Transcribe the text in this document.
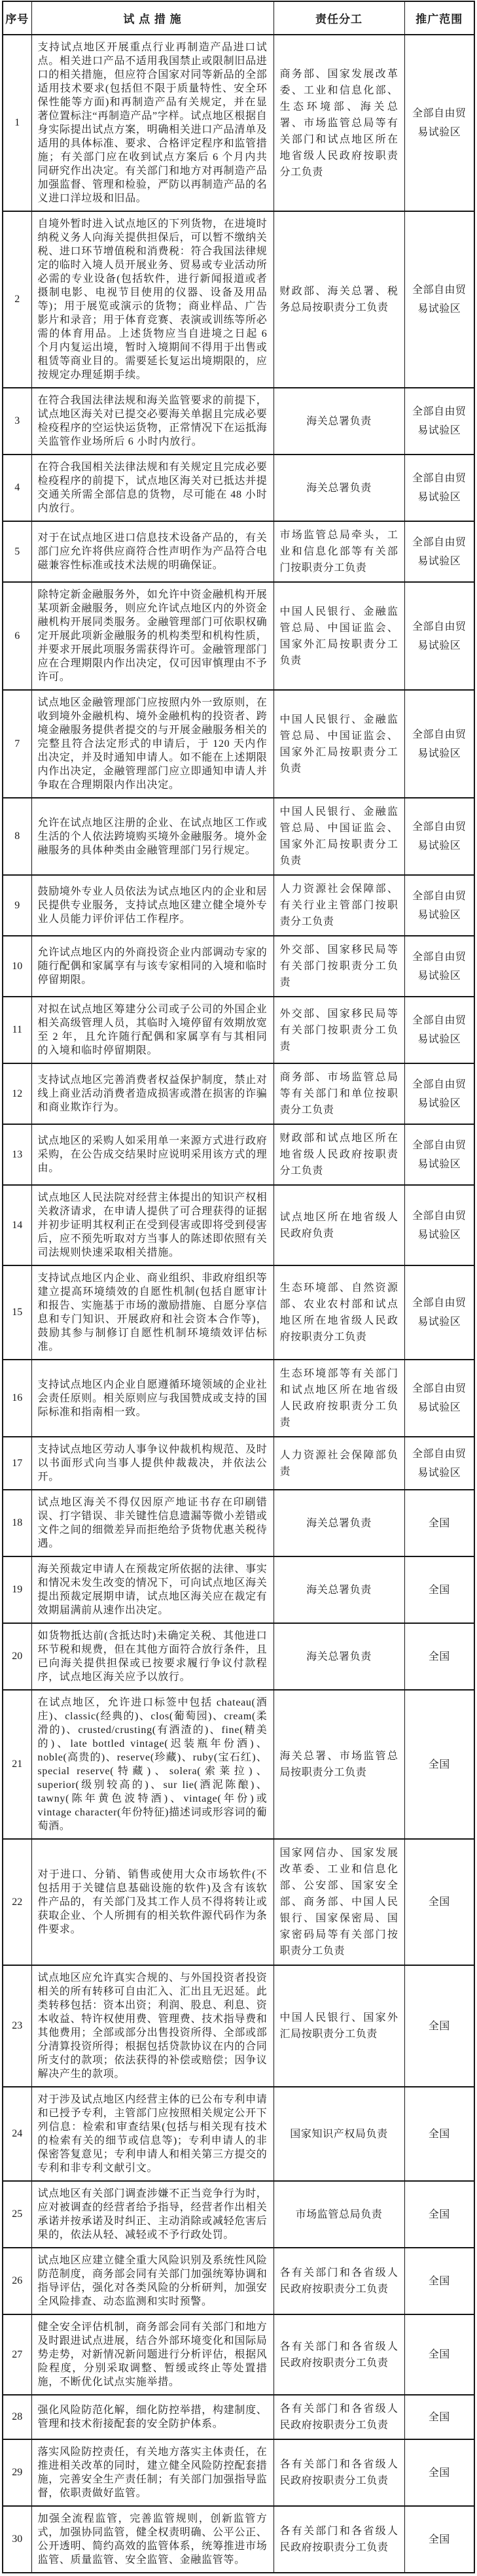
序号	试 点 措 施	责任分工	推广范围
1	支持试点地区开展重点行业再制造产品进口试点。相关进口产品不适用我国禁止或限制旧品进口的相关措施，但应符合国家对同等新品的全部适用技术要求(包括但不限于质量特性、安全环保性能等方面)和再制造产品有关规定，并在显著位置标注“再制造产品”字样。试点地区根据自身实际提出试点方案，明确相关进口产品清单及适用的具体标准、要求、合格评定程序和监管措施；有关部门应在收到试点方案后 6 个月内共同研究作出决定。有关部门和地方对再制造产品加强监督、管理和检验，严防以再制造产品的名义进口洋垃圾和旧品。	商务部、国家发展改革委、工业和信息化部、生态环境部、海关总署、市场监管总局等有关部门和试点地区所在地省级人民政府按职责分工负责	全部自由贸易试验区
2	自境外暂时进入试点地区的下列货物，在进境时纳税义务人向海关提供担保后，可以暂不缴纳关税、进口环节增值税和消费税：符合我国法律规定的临时入境人员开展业务、贸易或专业活动所必需的专业设备(包括软件，进行新闻报道或者摄制电影、电视节目使用的仪器、设备及用品等)；用于展览或演示的货物；商业样品、广告影片和录音；用于体育竞赛、表演或训练等所必需的体育用品。上述货物应当自进境之日起 6 个月内复运出境，暂时入境期间不得用于出售或租赁等商业目的。需要延长复运出境期限的，应按规定办理延期手续。	财政部、海关总署、税务总局按职责分工负责	全部自由贸易试验区
3	在符合我国法律法规和海关监管要求的前提下，试点地区海关对已提交必要海关单据且完成必要检疫程序的空运快运货物，正常情况下在运抵海关监管作业场所后 6 小时内放行。	海关总署负责	全部自由贸易试验区
4	在符合我国相关法律法规和有关规定且完成必要检疫程序的前提下，试点地区海关对已抵达并提交通关所需全部信息的货物，尽可能在 48 小时内放行。	海关总署负责	全部自由贸易试验区
5	对于在试点地区进口信息技术设备产品的，有关部门应允许将供应商符合性声明作为产品符合电磁兼容性标准或技术法规的明确保证。	市场监管总局牵头，工业和信息化部等有关部门按职责分工负责	全部自由贸易试验区
6	除特定新金融服务外，如允许中资金融机构开展某项新金融服务，则应允许试点地区内的外资金融机构开展同类服务。金融管理部门可依职权确定开展此项新金融服务的机构类型和机构性质，并要求开展此项服务需获得许可。金融管理部门应在合理期限内作出决定，仅可因审慎理由不予许可。	中国人民银行、金融监管总局、中国证监会、国家外汇局按职责分工负责	全部自由贸易试验区
7	试点地区金融管理部门应按照内外一致原则，在收到境外金融机构、境外金融机构的投资者、跨境金融服务提供者提交的与开展金融服务相关的完整且符合法定形式的申请后，于 120 天内作出决定，并及时通知申请人。如不能在上述期限内作出决定，金融管理部门应立即通知申请人并争取在合理期限内作出决定。	中国人民银行、金融监管总局、中国证监会、国家外汇局按职责分工负责	全部自由贸易试验区
8	允许在试点地区注册的企业、在试点地区工作或生活的个人依法跨境购买境外金融服务。境外金融服务的具体种类由金融管理部门另行规定。	中国人民银行、金融监管总局、中国证监会、国家外汇局按职责分工负责	全部自由贸易试验区
9	鼓励境外专业人员依法为试点地区内的企业和居民提供专业服务，支持试点地区建立健全境外专业人员能力评价评估工作程序。	人力资源社会保障部、有关行业主管部门按职责分工负责	全部自由贸易试验区
10	允许试点地区内的外商投资企业内部调动专家的随行配偶和家属享有与该专家相同的入境和临时停留期限。	外交部、国家移民局等有关部门按职责分工负责	全部自由贸易试验区
11	对拟在试点地区筹建分公司或子公司的外国企业相关高级管理人员，其临时入境停留有效期放宽至 2 年，且允许随行配偶和家属享有与其相同的入境和临时停留期限。	外交部、国家移民局等有关部门按职责分工负责	全部自由贸易试验区
12	支持试点地区完善消费者权益保护制度，禁止对线上商业活动消费者造成损害或潜在损害的诈骗和商业欺诈行为。	商务部、市场监管总局等有关部门和单位按职责分工负责	全部自由贸易试验区
13	试点地区的采购人如采用单一来源方式进行政府采购，在公告成交结果时应说明采用该方式的理由。	财政部和试点地区所在地省级人民政府按职责分工负责	全部自由贸易试验区
14	试点地区人民法院对经营主体提出的知识产权相关救济请求，在申请人提供了可合理获得的证据并初步证明其权利正在受到侵害或即将受到侵害后，应不预先听取对方当事人的陈述即依照有关司法规则快速采取相关措施。	试点地区所在地省级人民政府负责	全部自由贸易试验区
15	支持试点地区内企业、商业组织、非政府组织等建立提高环境绩效的自愿性机制(包括自愿审计和报告、实施基于市场的激励措施、自愿分享信息和专门知识、开展政府和社会资本合作等)，鼓励其参与制修订自愿性机制环境绩效评估标准。	生态环境部、自然资源部、农业农村部和试点地区所在地省级人民政府按职责分工负责	全部自由贸易试验区
16	支持试点地区内企业自愿遵循环境领域的企业社会责任原则。相关原则应与我国赞成或支持的国际标准和指南相一致。	生态环境部等有关部门和试点地区所在地省级人民政府按职责分工负责	全部自由贸易试验区
17	支持试点地区劳动人事争议仲裁机构规范、及时以书面形式向当事人提供仲裁裁决，并依法公开。	人力资源社会保障部负责	全部自由贸易试验区
18	试点地区海关不得仅因原产地证书存在印刷错误、打字错误、非关键性信息遗漏等微小差错或文件之间的细微差异而拒绝给予货物优惠关税待遇。	海关总署负责	全国
19	海关预裁定申请人在预裁定所依据的法律、事实和情况未发生改变的情况下，可向试点地区海关提出预裁定展期申请，试点地区海关应在裁定有效期届满前从速作出决定。	海关总署负责	全国
20	如货物抵达前(含抵达时)未确定关税、其他进口环节税和规费，但在其他方面符合放行条件，且已向海关提供担保或已按要求履行争议付款程序，试点地区海关应予以放行。	海关总署负责	全国
21	在试点地区，允许进口标签中包括 chateau(酒庄)、classic(经典的)、clos(葡萄园)、cream(柔滑的)、crusted/crusting(有酒渣的)、fine(精美的)、late bottled vintage(迟装瓶年份酒)、noble(高贵的)、reserve(珍藏)、ruby(宝石红)、special reserve(特藏)、solera(索莱拉)、superior(级别较高的)、sur lie(酒泥陈酿)、tawny(陈年黄色波特酒)、vintage(年份)或 vintage character(年份特征)描述词或形容词的葡萄酒。	海关总署、市场监管总局按职责分工负责	全国
22	对于进口、分销、销售或使用大众市场软件(不包括用于关键信息基础设施的软件)及含有该软件产品的，有关部门及其工作人员不得将转让或获取企业、个人所拥有的相关软件源代码作为条件要求。	国家网信办、国家发展改革委、工业和信息化部、公安部、国家安全部、商务部、中国人民银行、国家保密局、国家密码局等有关部门按职责分工负责	全国
23	试点地区应允许真实合规的、与外国投资者投资相关的所有转移可自由汇入、汇出且无迟延。此类转移包括：资本出资；利润、股息、利息、资本收益、特许权使用费、管理费、技术指导费和其他费用；全部或部分出售投资所得、全部或部分清算投资所得；根据包括贷款协议在内的合同所支付的款项；依法获得的补偿或赔偿；因争议解决产生的款项。	中国人民银行、国家外汇局按职责分工负责	全国
24	对于涉及试点地区内经营主体的已公布专利申请和已授予专利，主管部门应按照相关规定公开下列信息：检索和审查结果(包括与相关现有技术的检索有关的细节或信息等)；专利申请人的非保密答复意见；专利申请人和相关第三方提交的专利和非专利文献引文。	国家知识产权局负责	全国
25	试点地区有关部门调查涉嫌不正当竞争行为时，应对被调查的经营者给予指导，经营者作出相关承诺并按承诺及时纠正、主动消除或减轻危害后果的，依法从轻、减轻或不予行政处罚。	市场监管总局负责	全国
26	试点地区应建立健全重大风险识别及系统性风险防范制度，商务部会同有关部门加强统筹协调和指导评估，强化对各类风险的分析研判，加强安全风险排查、动态监测和实时预警。	各有关部门和各省级人民政府按职责分工负责	全国
27	健全安全评估机制，商务部会同有关部门和地方及时跟进试点进展，结合外部环境变化和国际局势走势，对新情况新问题进行分析评估，根据风险程度，分别采取调整、暂缓或终止等处置措施，不断优化试点实施举措。	各有关部门和各省级人民政府按职责分工负责	全国
28	强化风险防范化解，细化防控举措，构建制度、管理和技术衔接配套的安全防护体系。	各有关部门和各省级人民政府按职责分工负责	全国
29	落实风险防控责任，有关地方落实主体责任，在推进相关改革的同时，建立健全风险防控配套措施，完善安全生产责任制；有关部门加强指导监督，依职责做好监管。	各有关部门和各省级人民政府按职责分工负责	全国
30	加强全流程监管，完善监管规则，创新监管方式，加强协同监管，健全权责明确、公平公正、公开透明、简约高效的监管体系，统筹推进市场监管、质量监管、安全监管、金融监管等。	各有关部门和各省级人民政府按职责分工负责	全国
